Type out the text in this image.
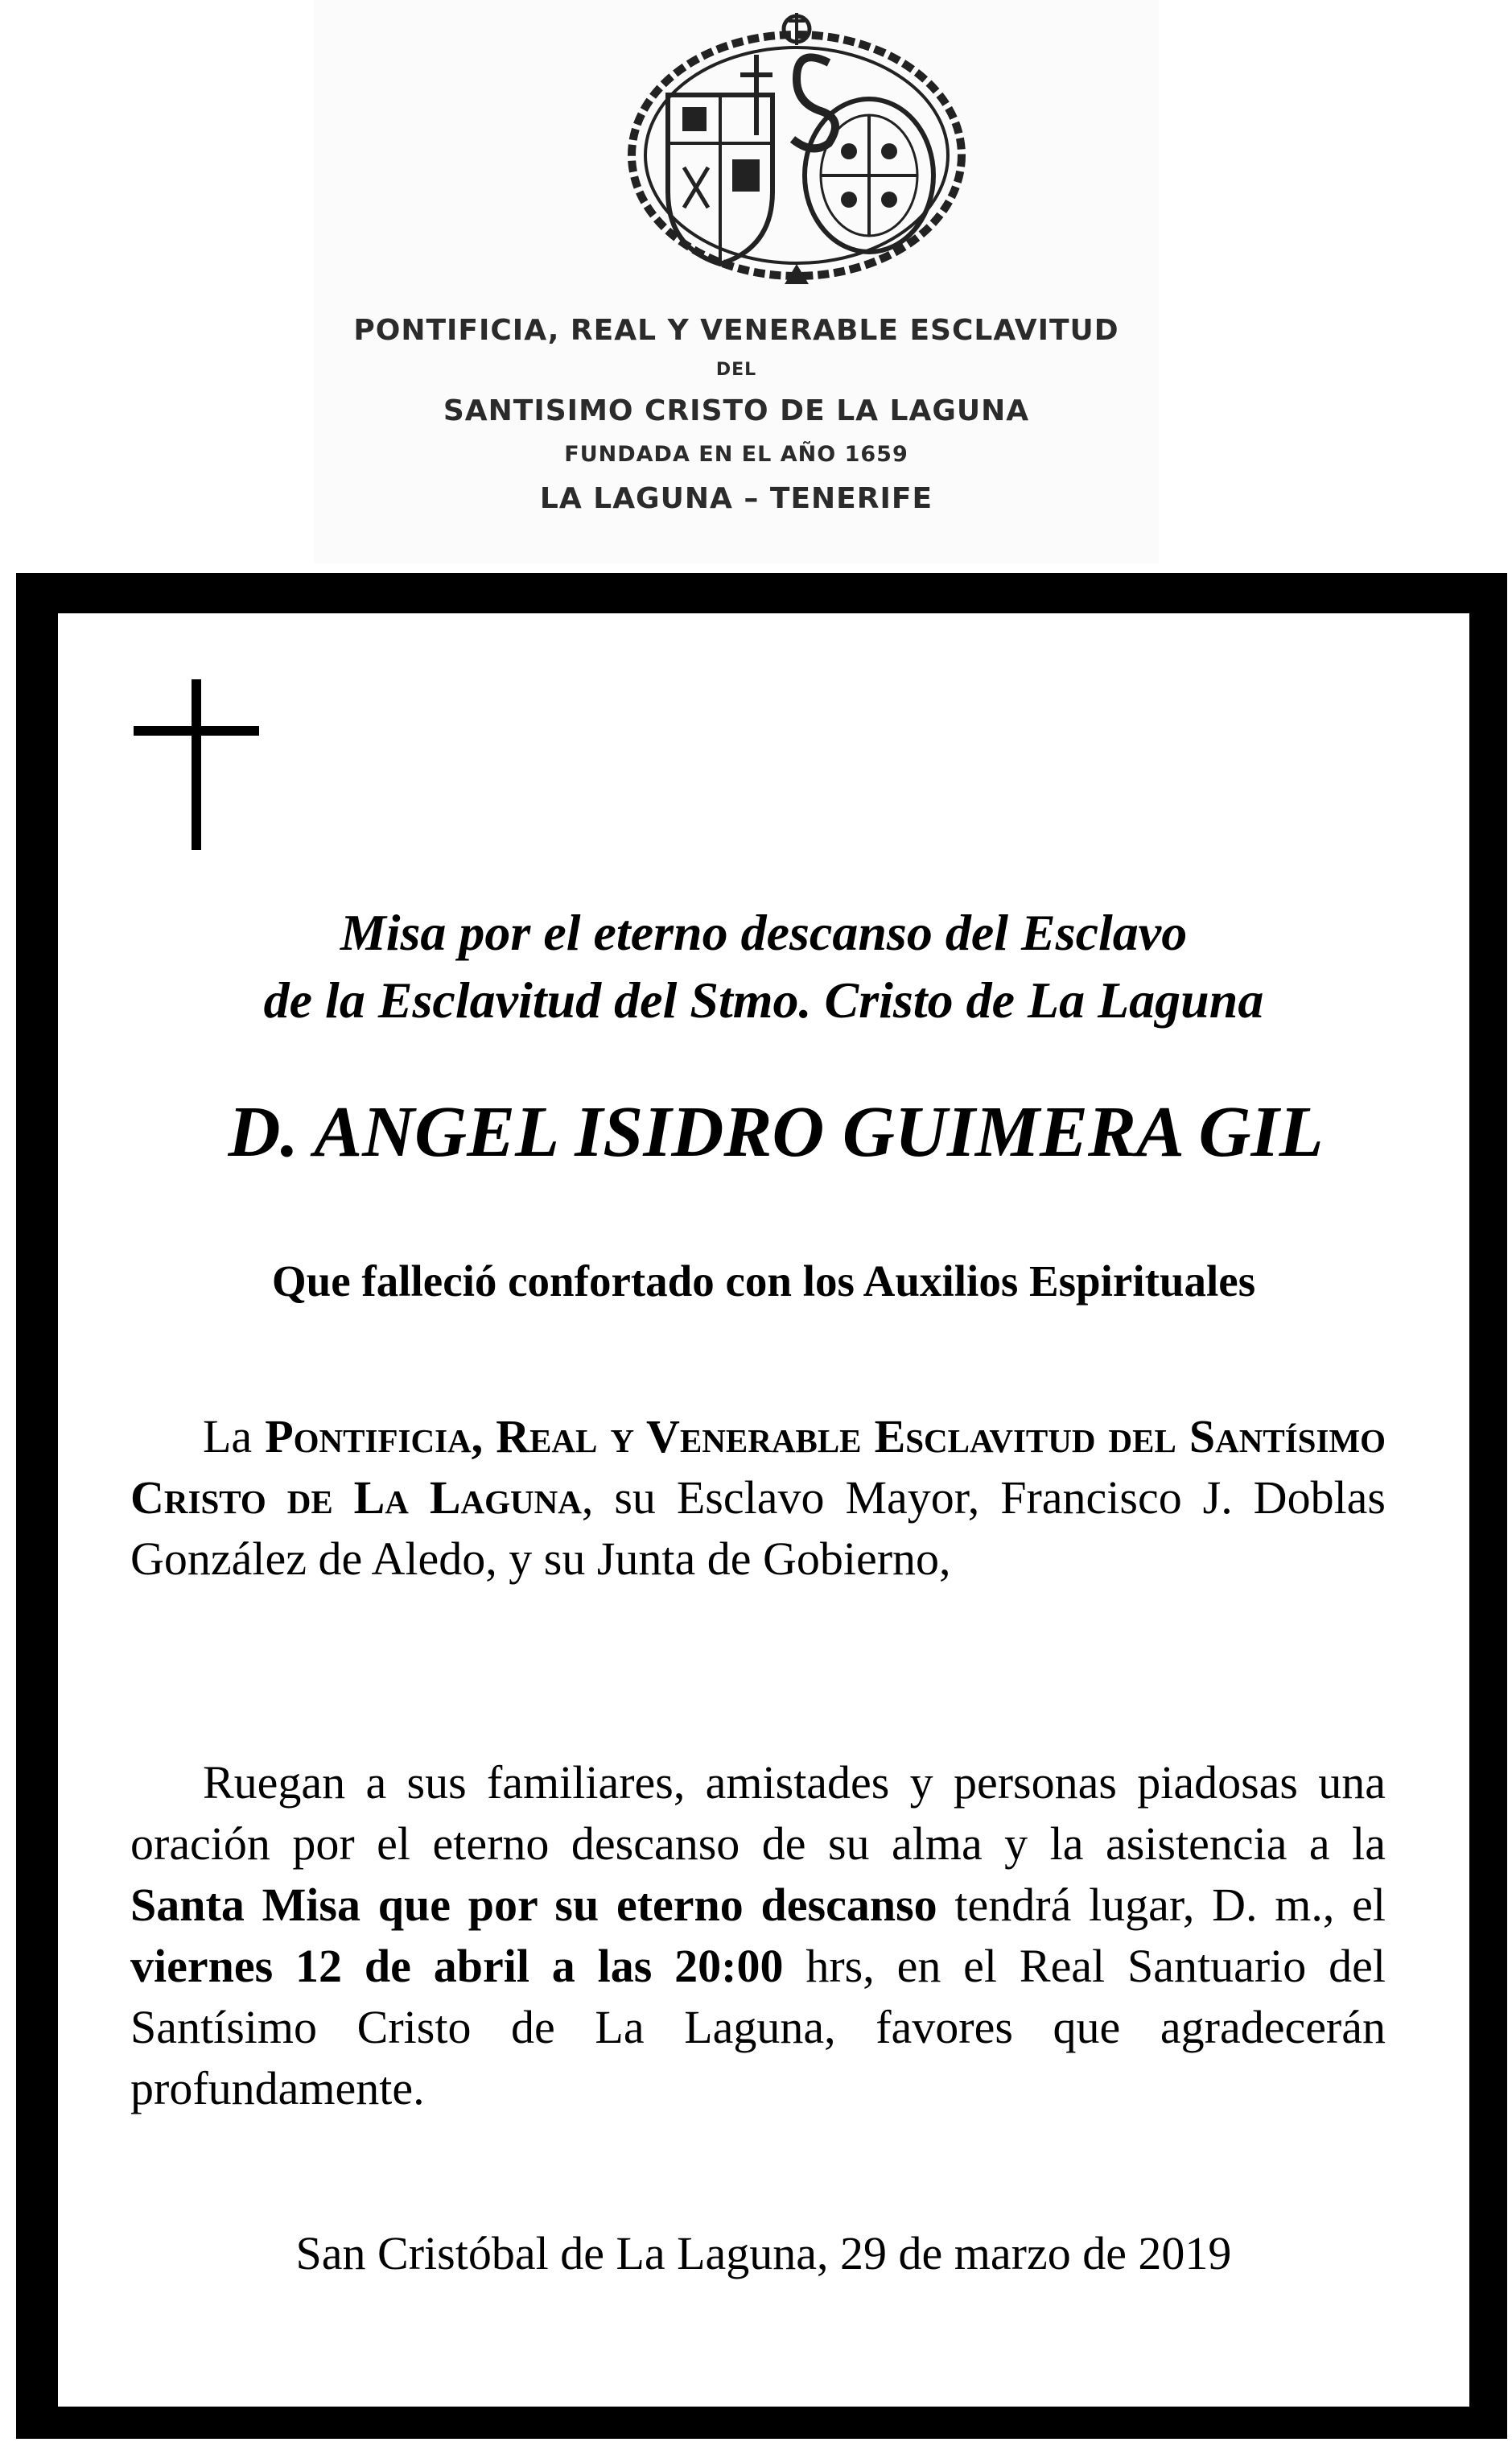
PONTIFICIA, REAL Y VENERABLE ESCLAVITUD
DEL
SANTISIMO CRISTO DE LA LAGUNA
FUNDADA EN EL AÑO 1659
LA LAGUNA – TENERIFE
Misa por el eterno descanso del Esclavo
de la Esclavitud del Stmo. Cristo de La Laguna
D. ANGEL ISIDRO GUIMERA GIL
Que falleció confortado con los Auxilios Espirituales
La Pontificia, Real y Venerable Esclavitud del Santísimo Cristo de La Laguna, su Esclavo Mayor, Francisco J. Doblas González de Aledo, y su Junta de Gobierno,
Ruegan a sus familiares, amistades y personas piadosas una oración por el eterno descanso de su alma y la asistencia a la Santa Misa que por su eterno descanso tendrá lugar, D. m., el viernes 12 de abril a las 20:00 hrs, en el Real Santuario del Santísimo Cristo de La Laguna, favores que agradecerán profundamente.
San Cristóbal de La Laguna, 29 de marzo de 2019
